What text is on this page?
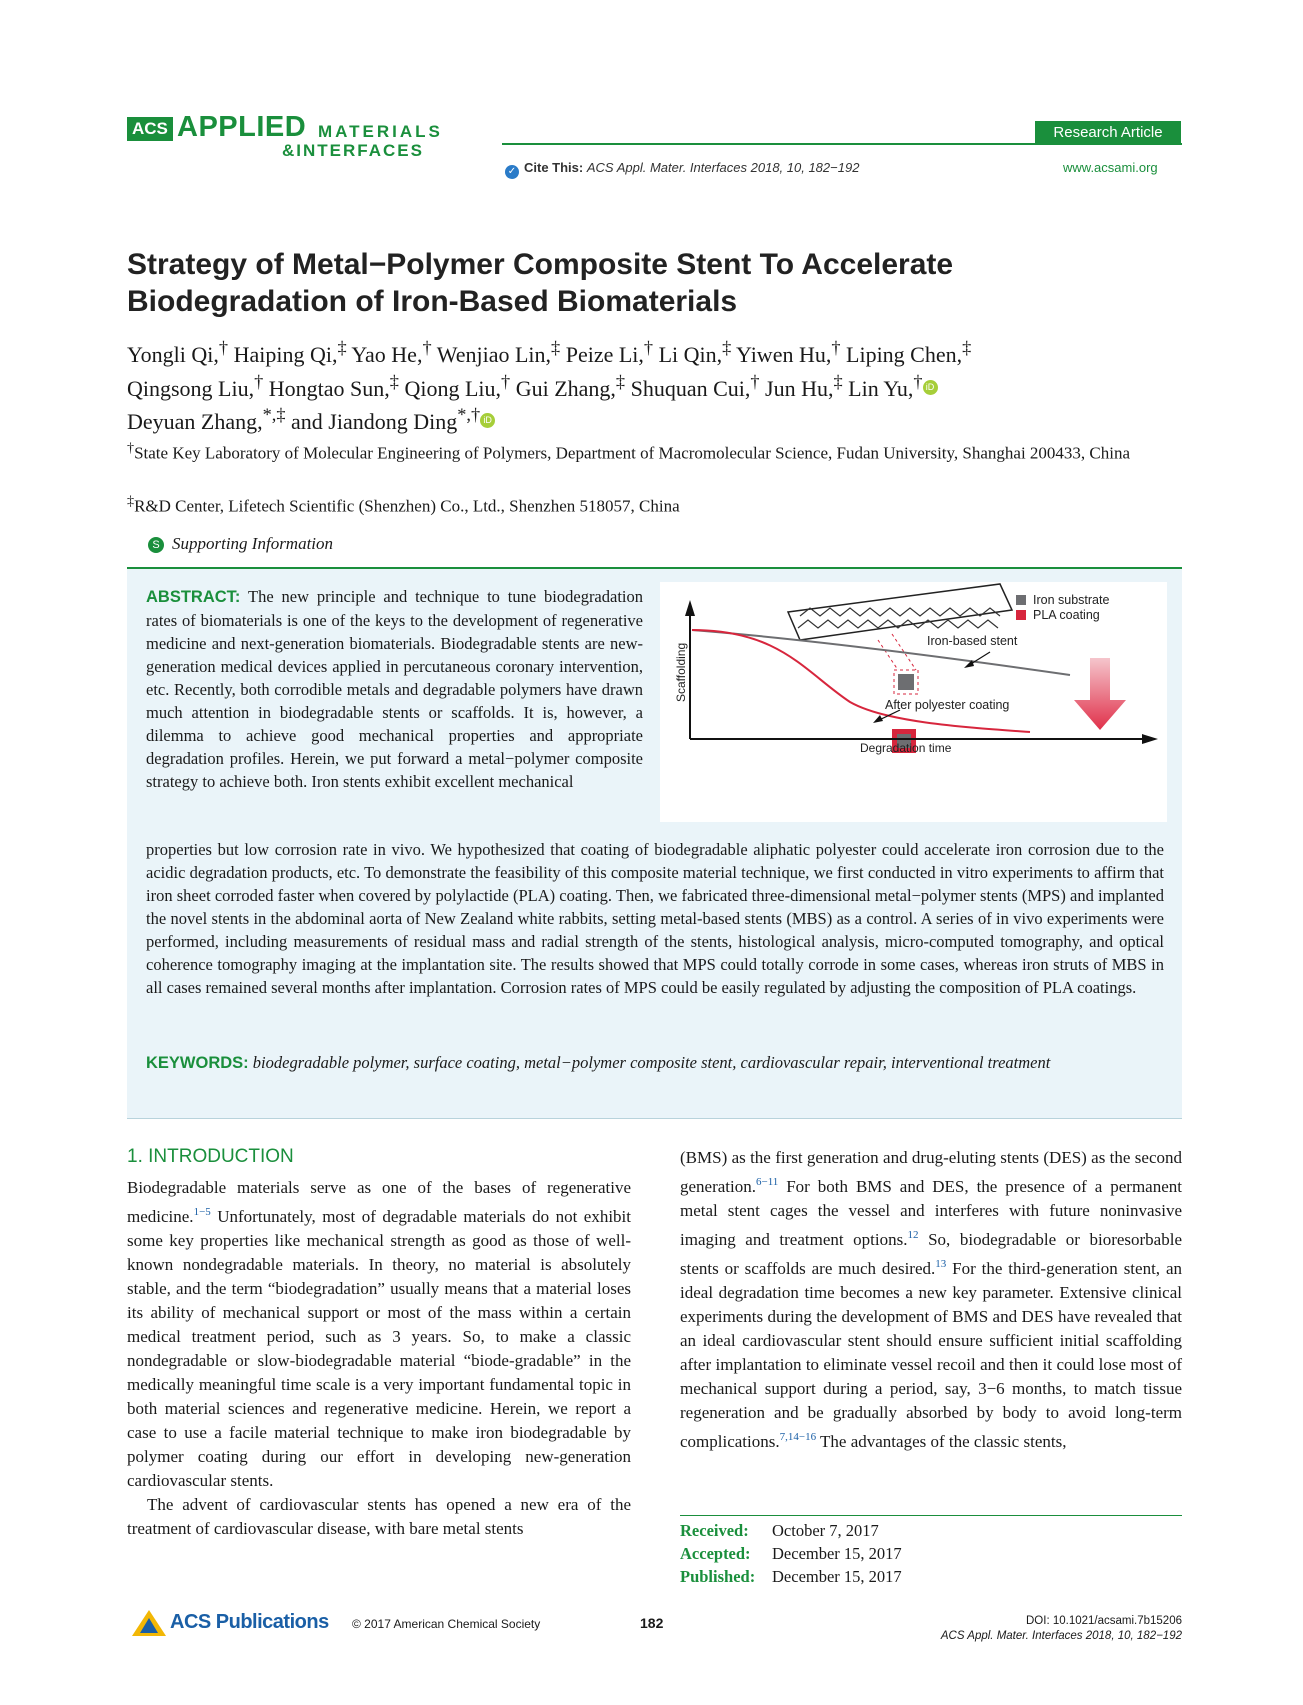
ACS APPLIED MATERIALS
&INTERFACES
Research Article
✓ Cite This: ACS Appl. Mater. Interfaces 2018, 10, 182−192	www.acsami.org
Strategy of Metal−Polymer Composite Stent To Accelerate
Biodegradation of Iron-Based Biomaterials
Yongli Qi,† Haiping Qi,‡ Yao He,† Wenjiao Lin,‡ Peize Li,† Li Qin,‡ Yiwen Hu,† Liping Chen,‡
Qingsong Liu,† Hongtao Sun,‡ Qiong Liu,† Gui Zhang,‡ Shuquan Cui,† Jun Hu,‡ Lin Yu,† iD
Deyuan Zhang,*,‡ and Jiandong Ding*,† iD
†State Key Laboratory of Molecular Engineering of Polymers, Department of Macromolecular Science, Fudan University, Shanghai 200433, China
‡R&D Center, Lifetech Scientific (Shenzhen) Co., Ltd., Shenzhen 518057, China
S Supporting Information
ABSTRACT: The new principle and technique to tune biodegradation rates of biomaterials is one of the keys to the development of regenerative medicine and next-generation biomaterials. Biodegradable stents are new-generation medical devices applied in percutaneous coronary intervention, etc. Recently, both corrodible metals and degradable polymers have drawn much attention in biodegradable stents or scaffolds. It is, however, a dilemma to achieve good mechanical properties and appropriate degradation profiles. Herein, we put forward a metal−polymer composite strategy to achieve both. Iron stents exhibit excellent mechanical
properties but low corrosion rate in vivo. We hypothesized that coating of biodegradable aliphatic polyester could accelerate iron corrosion due to the acidic degradation products, etc. To demonstrate the feasibility of this composite material technique, we first conducted in vitro experiments to affirm that iron sheet corroded faster when covered by polylactide (PLA) coating. Then, we fabricated three-dimensional metal−polymer stents (MPS) and implanted the novel stents in the abdominal aorta of New Zealand white rabbits, setting metal-based stents (MBS) as a control. A series of in vivo experiments were performed, including measurements of residual mass and radial strength of the stents, histological analysis, micro-computed tomography, and optical coherence tomography imaging at the implantation site. The results showed that MPS could totally corrode in some cases, whereas iron struts of MBS in all cases remained several months after implantation. Corrosion rates of MPS could be easily regulated by adjusting the composition of PLA coatings.
KEYWORDS: biodegradable polymer, surface coating, metal−polymer composite stent, cardiovascular repair, interventional treatment
Iron substrate
PLA coating
Iron-based stent
After polyester coating
Degradation time
Scaffolding
1. INTRODUCTION

Biodegradable materials serve as one of the bases of regenerative medicine.$^{1-5}$ Unfortunately, most of degradable materials do not exhibit some key properties like mechanical strength as good as those of well-known nondegradable materials. In theory, no material is absolutely stable, and the term “biodegradation” usually means that a material loses its ability of mechanical support or most of the mass within a certain medical treatment period, such as 3 years. So, to make a classic nondegradable or slow-biodegradable material “biode-gradable” in the medically meaningful time scale is a very important fundamental topic in both material sciences and regenerative medicine. Herein, we report a case to use a facile material technique to make iron biodegradable by polymer coating during our effort in developing new-generation cardiovascular stents.

The advent of cardiovascular stents has opened a new era of the treatment of cardiovascular disease, with bare metal stents

(BMS) as the first generation and drug-eluting stents (DES) as the second generation.$^{6-11}$ For both BMS and DES, the presence of a permanent metal stent cages the vessel and interferes with future noninvasive imaging and treatment options.$^{12}$ So, biodegradable or bioresorbable stents or scaffolds are much desired.$^{13}$ For the third-generation stent, an ideal degradation time becomes a new key parameter. Extensive clinical experiments during the development of BMS and DES have revealed that an ideal cardiovascular stent should ensure sufficient initial scaffolding after implantation to eliminate vessel recoil and then it could lose most of mechanical support during a period, say, 3−6 months, to match tissue regeneration and be gradually absorbed by body to avoid long-term complications.$^{7,14-16}$ The advantages of the classic stents,

Received: October 7, 2017
Accepted: December 15, 2017
Published: December 15, 2017
ACS Publications © 2017 American Chemical Society	182	DOI: 10.1021/acsami.7b15206
ACS Appl. Mater. Interfaces 2018, 10, 182−192
